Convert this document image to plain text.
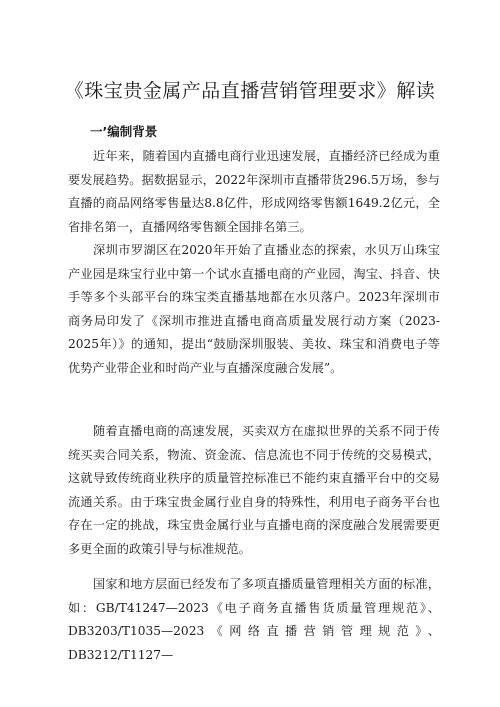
《珠宝贵金属产品直播营销管理要求》解读
一’编制背景

近年来，随着国内直播电商行业迅速发展，直播经济已经成为重要发展趋势。据数据显示，2022年深圳市直播带货296.5万场，参与直播的商品网络零售量达8.8亿件，形成网络零售额1649.2亿元，全省排名第一，直播网络零售额全国排名第三。

深圳市罗湖区在2020年开始了直播业态的探索，水贝万山珠宝产业园是珠宝行业中第一个试水直播电商的产业园，淘宝、抖音、快手等多个头部平台的珠宝类直播基地都在水贝落户。2023年深圳市商务局印发了《深圳市推进直播电商高质量发展行动方案（2023-2025年）》的通知，提出“鼓励深圳服装、美妆、珠宝和消费电子等优势产业带企业和时尚产业与直播深度融合发展”。

随着直播电商的高速发展，买卖双方在虚拟世界的关系不同于传统买卖合同关系，物流、资金流、信息流也不同于传统的交易模式，这就导致传统商业秩序的质量管控标准已不能约束直播平台中的交易流通关系。由于珠宝贵金属行业自身的特殊性，利用电子商务平台也存在一定的挑战，珠宝贵金属行业与直播电商的深度融合发展需要更多更全面的政策引导与标准规范。

国家和地方层面已经发布了多项直播质量管理相关方面的标准，如：GB/T41247—2023《电子商务直播售货质量管理规范》、DB3203/T1035—2023《网络直播营销管理规范》、DB3212/T1127—
